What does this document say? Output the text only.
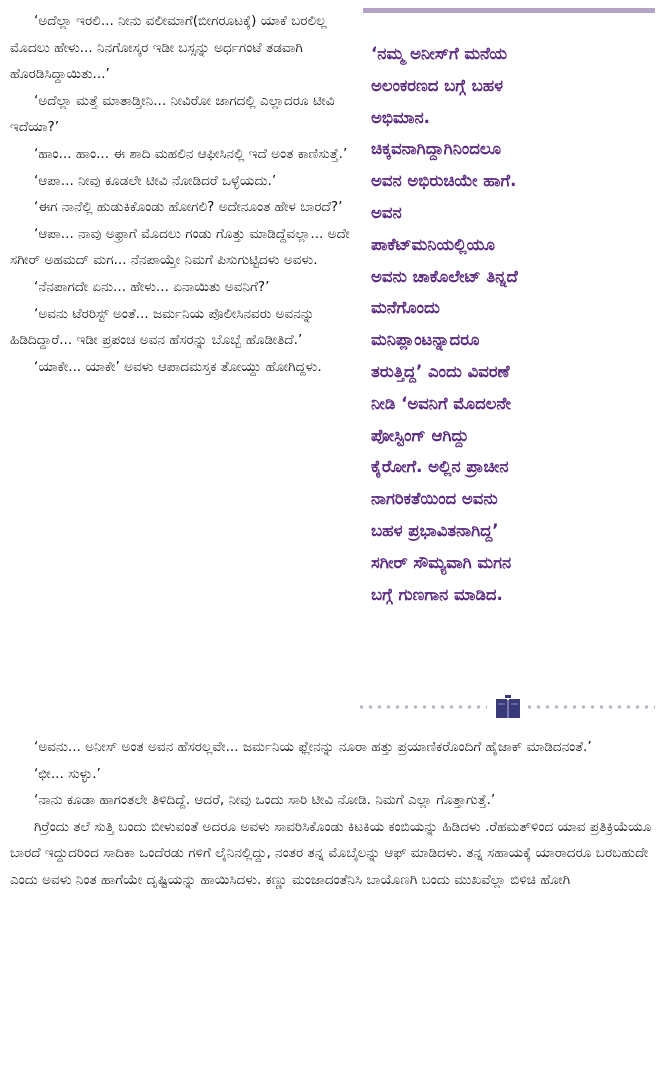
‘ಅದೆಲ್ಲಾ ಇರಲಿ... ನೀನು ವಲೀಮಾಗೆ(ಬೀಗರೂಟಕ್ಕೆ) ಯಾಕೆ ಬರಲಿಲ್ಲ ಮೊದಲು ಹೇಳು... ನಿನಗೋಸ್ಕರ ಇಡೀ ಬಸ್ಸನ್ನು ಅರ್ಧಗಂಟೆ ತಡವಾಗಿ ಹೊರಡಿಸಿದ್ದಾಯಿತು...’

‘ಅದೆಲ್ಲಾ ಮತ್ತೆ ಮಾತಾಡ್ತೀನಿ... ನೀವಿರೋ ಜಾಗದಲ್ಲಿ ಎಲ್ಲಾದರೂ ಟೀವಿ ಇದೆಯಾ?’

‘ಹಾಂ... ಹಾಂ... ಈ ಶಾದಿ ಮಹಲಿನ ಆಫೀಸಿನಲ್ಲಿ ಇದೆ ಅಂತ ಕಾಣಿಸುತ್ತೆ.’

‘ಆಪಾ... ನೀವು ಕೂಡಲೇ ಟೀವಿ ನೋಡಿದರೆ ಒಳ್ಳೆಯದು.’

‘ಈಗ ನಾನೆಲ್ಲಿ ಹುಡುಕಿಕೊಂಡು ಹೋಗಲಿ? ಅದೇನೂಂತ ಹೇಳ ಬಾರದೆ?’

‘ಆಪಾ... ನಾವು ಅಫ್ರಾಗೆ ಮೊದಲು ಗಂಡು ಗೊತ್ತು ಮಾಡಿದ್ದೆವಲ್ಲಾ... ಅದೇ ಸಗೀರ್ ಅಹಮದ್ ಮಗ... ನೆನಪಾಯ್ತೇ ನಿಮಗೆ ಪಿಸುಗುಟ್ಟಿದಳು ಅವಳು.

‘ನೆನಪಾಗದೇ ಏನು... ಹೇಳು... ಏನಾಯಿತು ಅವನಿಗೆ?’

‘ಅವನು ಟೆರರಿಸ್ಟ್ ಅಂತೆ... ಜರ್ಮನಿಯ ಪೊಲೀಸಿನವರು ಅವನನ್ನು ಹಿಡಿದಿದ್ದಾರೆ... ಇಡೀ ಪ್ರಪಂಚ ಅವನ ಹೆಸರನ್ನು ಬೊಬ್ಬೆ ಹೊಡೀತಿದೆ.’

‘ಯಾಕೇ... ಯಾಕೇ’ ಅವಳು ಆಪಾದಮಸ್ತಕ ತೋಯ್ದು ಹೋಗಿದ್ದಳು.

‘ನಮ್ಮ ಅನೀಸ್‌ಗೆ ಮನೆಯ

ಅಲಂಕರಣದ ಬಗ್ಗೆ ಬಹಳ

ಅಭಿಮಾನ.

ಚಿಕ್ಕವನಾಗಿದ್ದಾಗಿನಿಂದಲೂ

ಅವನ ಅಭಿರುಚಿಯೇ ಹಾಗೆ.

ಅವನ

ಪಾಕೆಟ್‌ಮನಿಯಲ್ಲಿಯೂ

ಅವನು ಚಾಕೊಲೇಟ್ ತಿನ್ನದೆ

ಮನೆಗೊಂದು

ಮನಿಪ್ಲಾಂಟನ್ನಾದರೂ

ತರುತ್ತಿದ್ದ’ ಎಂದು ವಿವರಣೆ

ನೀಡಿ ‘ಅವನಿಗೆ ಮೊದಲನೇ

ಪೋಸ್ಟಿಂಗ್ ಆಗಿದ್ದು

ಕೈರೋಗೆ. ಅಲ್ಲಿನ ಪ್ರಾಚೀನ

ನಾಗರಿಕತೆಯಿಂದ ಅವನು

ಬಹಳ ಪ್ರಭಾವಿತನಾಗಿದ್ದ’

ಸಗೀರ್ ಸೌಮ್ಯವಾಗಿ ಮಗನ

ಬಗ್ಗೆ ಗುಣಗಾನ ಮಾಡಿದ.

‘ಅವನು... ಅನೀಸ್ ಅಂತ ಅವನ ಹೆಸರಲ್ಲವೇ... ಜರ್ಮನಿಯ ಫ್ಲೇನನ್ನು ನೂರಾ ಹತ್ತು ಪ್ರಯಾಣಿಕರೊಂದಿಗೆ ಹೈಜಾಕ್ ಮಾಡಿದನಂತೆ.’

‘ಛೀ... ಸುಳ್ಳು.’

‘ನಾನು ಕೂಡಾ ಹಾಗಂತಲೇ ತಿಳಿದಿದ್ದೆ. ಆದರೆ, ನೀವು ಒಂದು ಸಾರಿ ಟೀವಿ ನೋಡಿ. ನಿಮಗೆ ಎಲ್ಲಾ ಗೊತ್ತಾಗುತ್ತೆ.’

ಗಿರ್ರೆಂದು ತಲೆ ಸುತ್ತಿ ಬಂದು ಬೀಳುವಂತೆ ಅದರೂ ಅವಳು ಸಾವರಿಸಿಕೊಂಡು ಕಿಟಕಿಯ ಕಂಬಿಯನ್ನು ಹಿಡಿದಳು .ರೆಹಮತ್‌ಳಿಂದ ಯಾವ ಪ್ರತಿಕ್ರಿಯೆಯೂ ಬಾರದೆ ಇದ್ದುದರಿಂದ ಸಾದಿಕಾ ಒಂದೆರಡು ಗಳಿಗೆ ಲೈನಿನಲ್ಲಿದ್ದು, ನಂತರ ತನ್ನ ಮೊಬೈಲನ್ನು ಆಫ್ ಮಾಡಿದಳು. ತನ್ನ ಸಹಾಯಕ್ಕೆ ಯಾರಾದರೂ ಬರಬಹುದೇ ಎಂದು ಅವಳು ನಿಂತ ಹಾಗೆಯೇ ದೃಷ್ಟಿಯನ್ನು ಹಾಯಿಸಿದಳು. ಕಣ್ಣು ಮಂಜಾದಂತೆನಿಸಿ ಬಾಯೊಣಗಿ ಬಂದು ಮುಖವೆಲ್ಲಾ ಬಿಳಿಚಿ ಹೋಗಿ
